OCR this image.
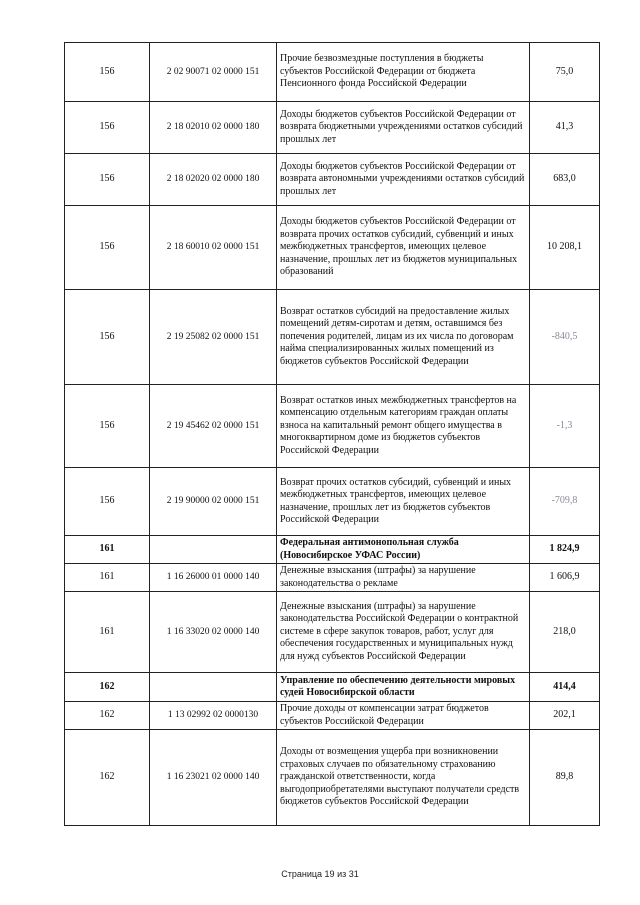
156	2 02 90071 02 0000 151	Прочие безвозмездные поступления в бюджеты субъектов Российской Федерации от бюджета Пенсионного фонда Российской Федерации	75,0
156	2 18 02010 02 0000 180	Доходы бюджетов субъектов Российской Федерации от возврата бюджетными учреждениями остатков субсидий прошлых лет	41,3
156	2 18 02020 02 0000 180	Доходы бюджетов субъектов Российской Федерации от возврата автономными учреждениями остатков субсидий прошлых лет	683,0
156	2 18 60010 02 0000 151	Доходы бюджетов субъектов Российской Федерации от возврата прочих остатков субсидий, субвенций и иных межбюджетных трансфертов, имеющих целевое назначение, прошлых лет из бюджетов муниципальных образований	10 208,1
156	2 19 25082 02 0000 151	Возврат остатков субсидий на предоставление жилых помещений детям-сиротам и детям, оставшимся без попечения родителей, лицам из их числа по договорам найма специализированных жилых помещений из бюджетов субъектов Российской Федерации	-840,5
156	2 19 45462 02 0000 151	Возврат остатков иных межбюджетных трансфертов на компенсацию отдельным категориям граждан оплаты взноса на капитальный ремонт общего имущества в многоквартирном доме из бюджетов субъектов Российской Федерации	-1,3
156	2 19 90000 02 0000 151	Возврат прочих остатков субсидий, субвенций и иных межбюджетных трансфертов, имеющих целевое назначение, прошлых лет из бюджетов субъектов Российской Федерации	-709,8
161		Федеральная антимонопольная служба (Новосибирское УФАС России)	1 824,9
161	1 16 26000 01 0000 140	Денежные взыскания (штрафы) за нарушение законодательства о рекламе	1 606,9
161	1 16 33020 02 0000 140	Денежные взыскания (штрафы) за нарушение законодательства Российской Федерации о контрактной системе в сфере закупок товаров, работ, услуг для обеспечения государственных и муниципальных нужд для нужд субъектов Российской Федерации	218,0
162		Управление по обеспечению деятельности мировых судей Новосибирской области	414,4
162	1 13 02992 02 0000130	Прочие доходы от компенсации затрат бюджетов субъектов Российской Федерации	202,1
162	1 16 23021 02 0000 140	Доходы от возмещения ущерба при возникновении страховых случаев по обязательному страхованию гражданской ответственности, когда выгодоприобретателями выступают получатели средств бюджетов субъектов Российской Федерации	89,8
Страница 19 из 31
